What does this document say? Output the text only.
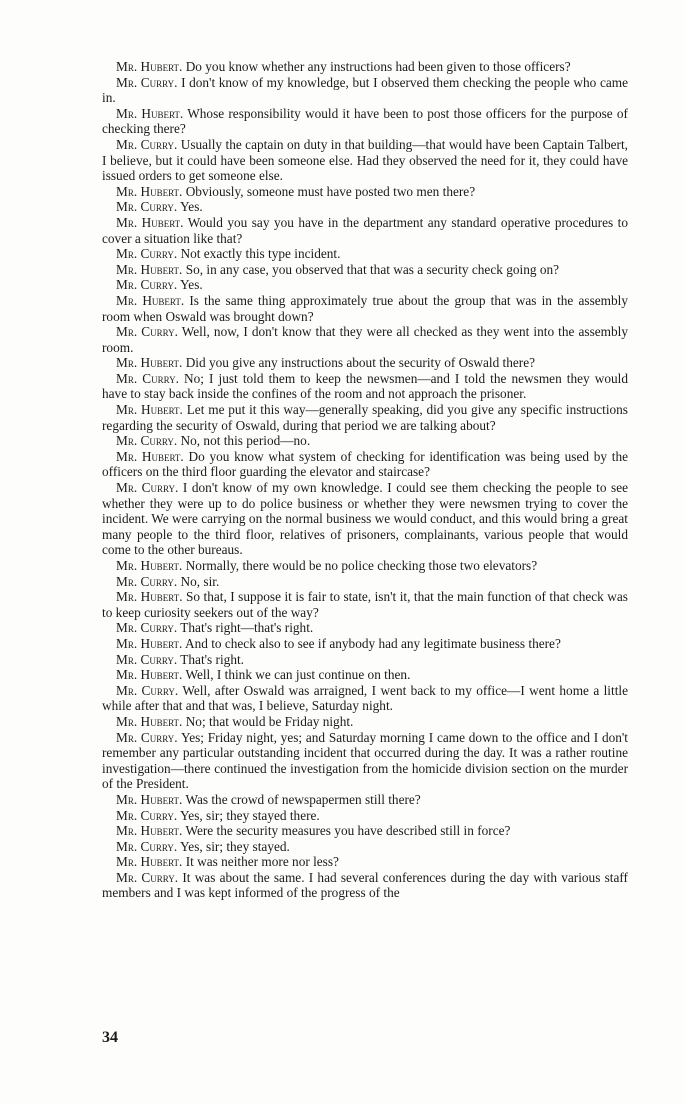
Mr. Hubert. Do you know whether any instructions had been given to those officers?

Mr. Curry. I don't know of my knowledge, but I observed them checking the people who came in.

Mr. Hubert. Whose responsibility would it have been to post those officers for the purpose of checking there?

Mr. Curry. Usually the captain on duty in that building—that would have been Captain Talbert, I believe, but it could have been someone else. Had they observed the need for it, they could have issued orders to get someone else.

Mr. Hubert. Obviously, someone must have posted two men there?

Mr. Curry. Yes.

Mr. Hubert. Would you say you have in the department any standard operative procedures to cover a situation like that?

Mr. Curry. Not exactly this type incident.

Mr. Hubert. So, in any case, you observed that that was a security check going on?

Mr. Curry. Yes.

Mr. Hubert. Is the same thing approximately true about the group that was in the assembly room when Oswald was brought down?

Mr. Curry. Well, now, I don't know that they were all checked as they went into the assembly room.

Mr. Hubert. Did you give any instructions about the security of Oswald there?

Mr. Curry. No; I just told them to keep the newsmen—and I told the newsmen they would have to stay back inside the confines of the room and not approach the prisoner.

Mr. Hubert. Let me put it this way—generally speaking, did you give any specific instructions regarding the security of Oswald, during that period we are talking about?

Mr. Curry. No, not this period—no.

Mr. Hubert. Do you know what system of checking for identification was being used by the officers on the third floor guarding the elevator and staircase?

Mr. Curry. I don't know of my own knowledge. I could see them checking the people to see whether they were up to do police business or whether they were newsmen trying to cover the incident. We were carrying on the normal business we would conduct, and this would bring a great many people to the third floor, relatives of prisoners, complainants, various people that would come to the other bureaus.

Mr. Hubert. Normally, there would be no police checking those two elevators?

Mr. Curry. No, sir.

Mr. Hubert. So that, I suppose it is fair to state, isn't it, that the main function of that check was to keep curiosity seekers out of the way?

Mr. Curry. That's right—that's right.

Mr. Hubert. And to check also to see if anybody had any legitimate business there?

Mr. Curry. That's right.

Mr. Hubert. Well, I think we can just continue on then.

Mr. Curry. Well, after Oswald was arraigned, I went back to my office—I went home a little while after that and that was, I believe, Saturday night.

Mr. Hubert. No; that would be Friday night.

Mr. Curry. Yes; Friday night, yes; and Saturday morning I came down to the office and I don't remember any particular outstanding incident that occurred during the day. It was a rather routine investigation—there continued the investigation from the homicide division section on the murder of the President.

Mr. Hubert. Was the crowd of newspapermen still there?

Mr. Curry. Yes, sir; they stayed there.

Mr. Hubert. Were the security measures you have described still in force?

Mr. Curry. Yes, sir; they stayed.

Mr. Hubert. It was neither more nor less?

Mr. Curry. It was about the same. I had several conferences during the day with various staff members and I was kept informed of the progress of the

34
